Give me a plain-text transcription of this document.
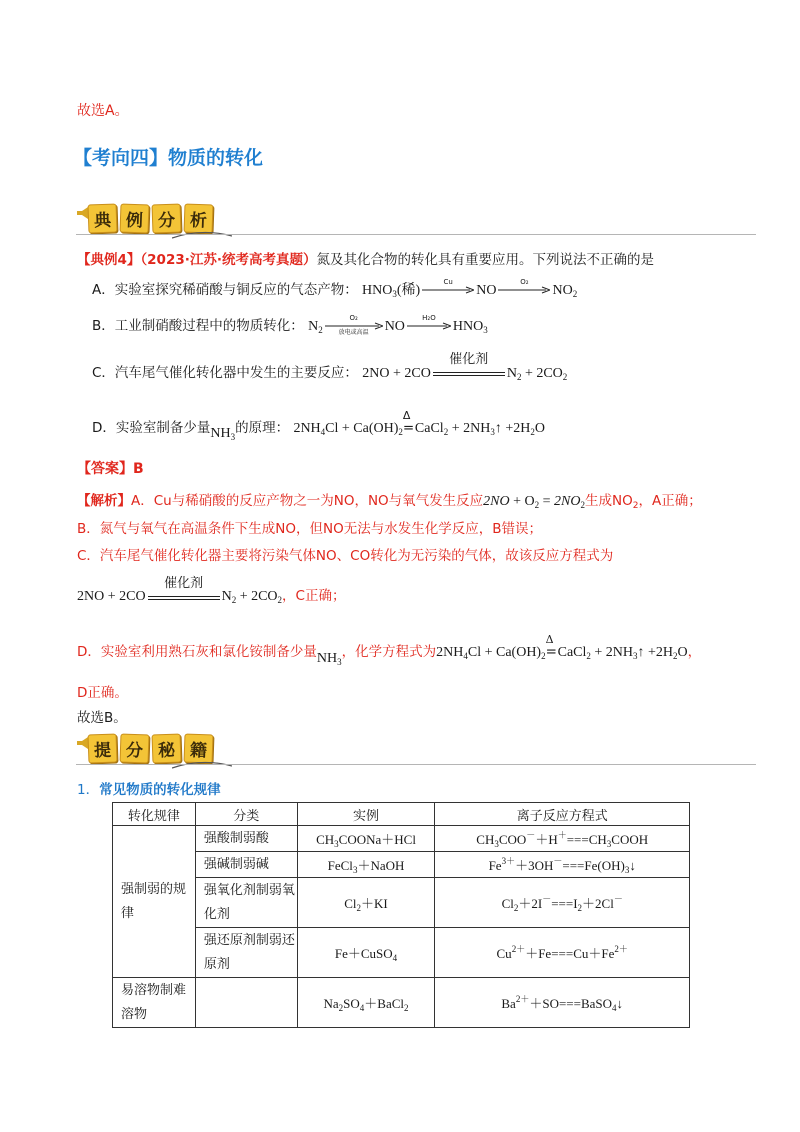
故选A。
【考向四】物质的转化
典 例 分 析
【典例4】（2023·江苏·统考高考真题）氮及其化合物的转化具有重要应用。下列说法不正确的是
A．实验室探究稀硝酸与铜反应的气态产物： $HNO_3$(稀)
Cu
NO
O₂
$NO_2$
B．工业制硝酸过程中的物质转化： $N_2$
O₂
放电或高温	NO
H₂O
$HNO_3$
C．汽车尾气催化转化器中发生的主要反应： 2NO + 2CO
催化剂
$N_2 + 2CO_2$
D．实验室制备少量$NH_3$的原理： $2NH_4Cl + Ca(OH)_2$
Δ
=CaCl$_2$ + $2NH_3↑ +2H_2O$
【答案】B
【解析】A．Cu与稀硝酸的反应产物之一为NO，NO与氧气发生反应$2NO + O_2 = 2NO_2$生成$NO_2$，A正确；
B．氮气与氧气在高温条件下生成NO，但NO无法与水发生化学反应，B错误；
C．汽车尾气催化转化器主要将污染气体NO、CO转化为无污染的气体，故该反应方程式为
2NO + 2CO
催化剂
$N_2 + 2CO_2$，C正确；
D．实验室利用熟石灰和氯化铵制备少量$NH_3$，化学方程式为$2NH_4Cl + Ca(OH)_2$
Δ
=CaCl$_2$ + $2NH_3↑ +2H_2O$，
D正确。
故选B。
提 分 秘 籍
1．常见物质的转化规律
转化规律	分类	实例	离子反应方程式
强制弱的规律	强酸制弱酸	$CH_3COONa+HCl$	$CH_3COO^-+H^+===CH_3COOH$
	强碱制弱碱	FeCl$_3$＋NaOH	$Fe^{3+}+3OH^-===Fe(OH)_3↓$
	强氧化剂制弱氧化剂	$Cl_2+KI$	$Cl_2+2I^-===I_2+2Cl^-$
	强还原剂制弱还原剂	Fe＋CuSO$_4$	$Cu^{2+}+Fe===Cu+Fe^{2+}$
易溶物制难溶物		$Na_2SO_4+BaCl_2$	$Ba^{2+}+SO===BaSO_4↓$
